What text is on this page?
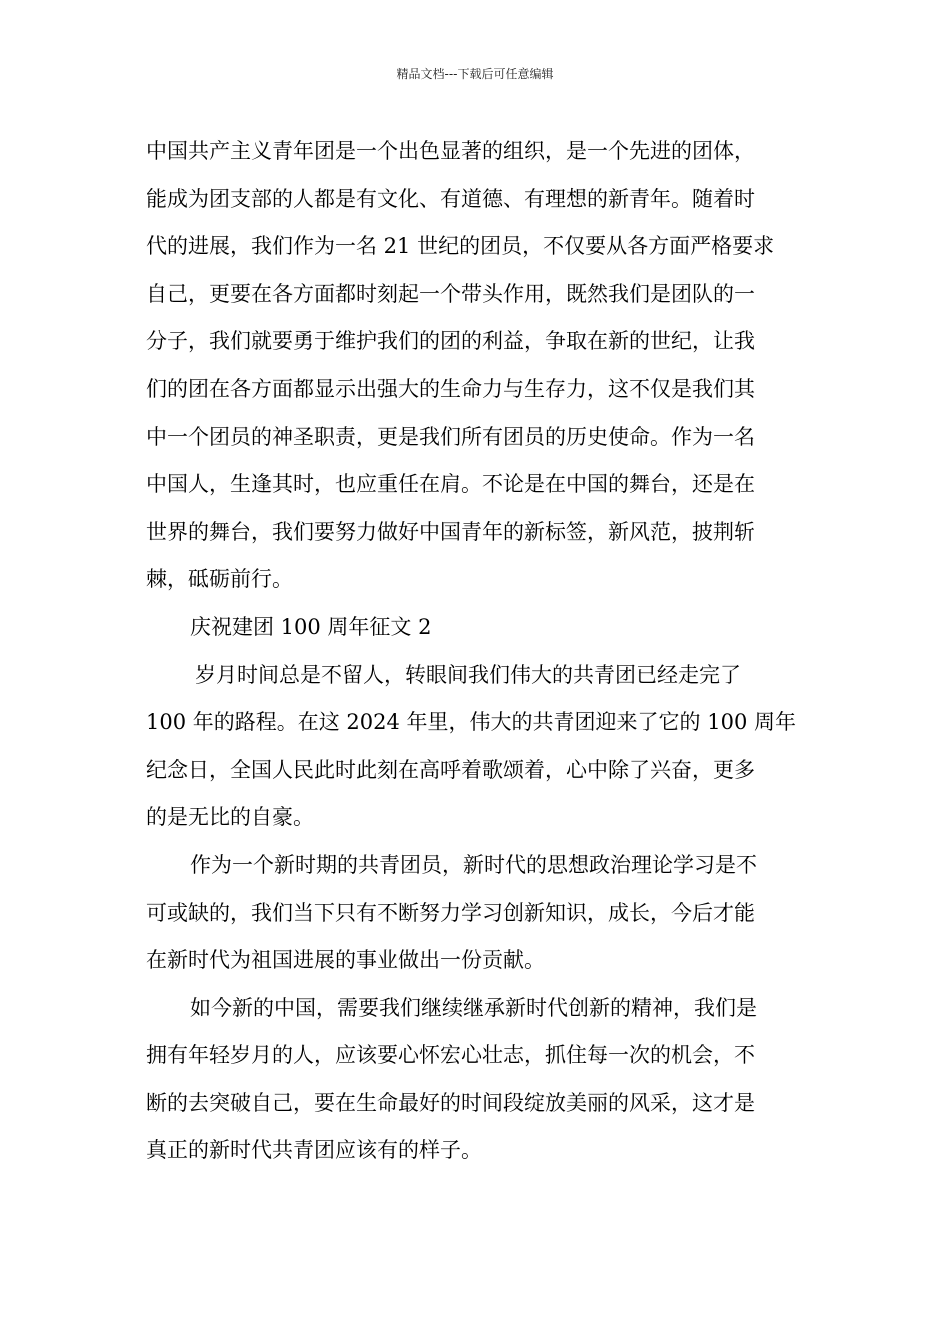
精品文档---下载后可任意编辑
中国共产主义青年团是一个出色显著的组织，是一个先进的团体，
能成为团支部的人都是有文化、有道德、有理想的新青年。随着时
代的进展，我们作为一名 21 世纪的团员，不仅要从各方面严格要求
自己，更要在各方面都时刻起一个带头作用，既然我们是团队的一
分子，我们就要勇于维护我们的团的利益，争取在新的世纪，让我
们的团在各方面都显示出强大的生命力与生存力，这不仅是我们其
中一个团员的神圣职责，更是我们所有团员的历史使命。作为一名
中国人，生逢其时，也应重任在肩。不论是在中国的舞台，还是在
世界的舞台，我们要努力做好中国青年的新标签，新风范，披荆斩
棘，砥砺前行。
庆祝建团 100 周年征文 2
岁月时间总是不留人，转眼间我们伟大的共青团已经走完了
100 年的路程。在这 2024 年里，伟大的共青团迎来了它的 100 周年
纪念日，全国人民此时此刻在高呼着歌颂着，心中除了兴奋，更多
的是无比的自豪。
作为一个新时期的共青团员，新时代的思想政治理论学习是不
可或缺的，我们当下只有不断努力学习创新知识，成长，今后才能
在新时代为祖国进展的事业做出一份贡献。
如今新的中国，需要我们继续继承新时代创新的精神，我们是
拥有年轻岁月的人，应该要心怀宏心壮志，抓住每一次的机会，不
断的去突破自己，要在生命最好的时间段绽放美丽的风采，这才是
真正的新时代共青团应该有的样子。
